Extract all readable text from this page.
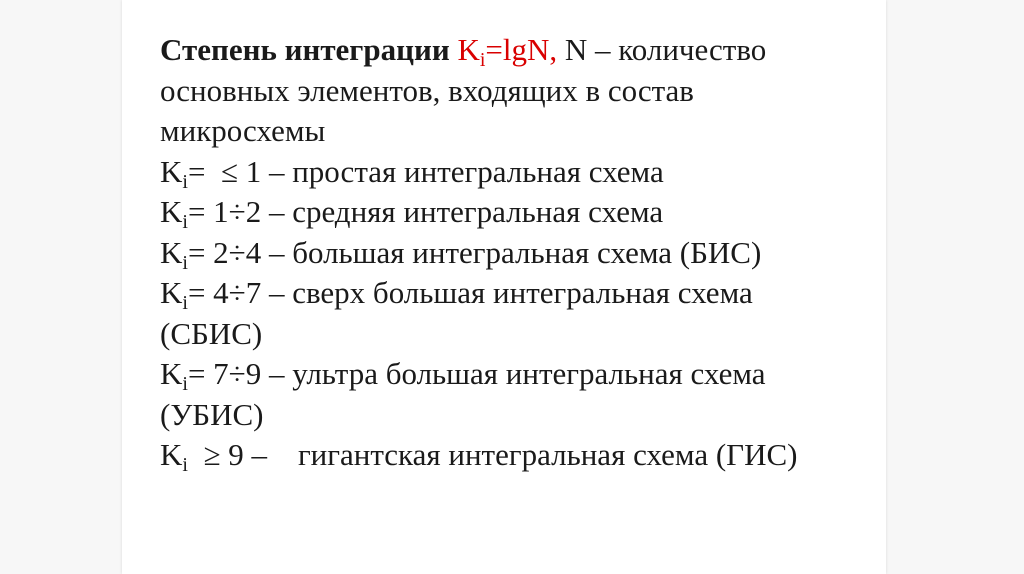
Степень интеграции $K_i=\lg N$, N – количество
основных элементов, входящих в состав
микросхемы
$K_i= \le 1$ – простая интегральная схема
$K_i= 1\div 2$ – средняя интегральная схема
$K_i= 2\div 4$ – большая интегральная схема (БИС)
$K_i= 4\div 7$ – сверх большая интегральная схема
(СБИС)
$K_i= 7\div 9$ – ультра большая интегральная схема
(УБИС)
$K_i \ge 9$ –    гигантская интегральная схема (ГИС)
